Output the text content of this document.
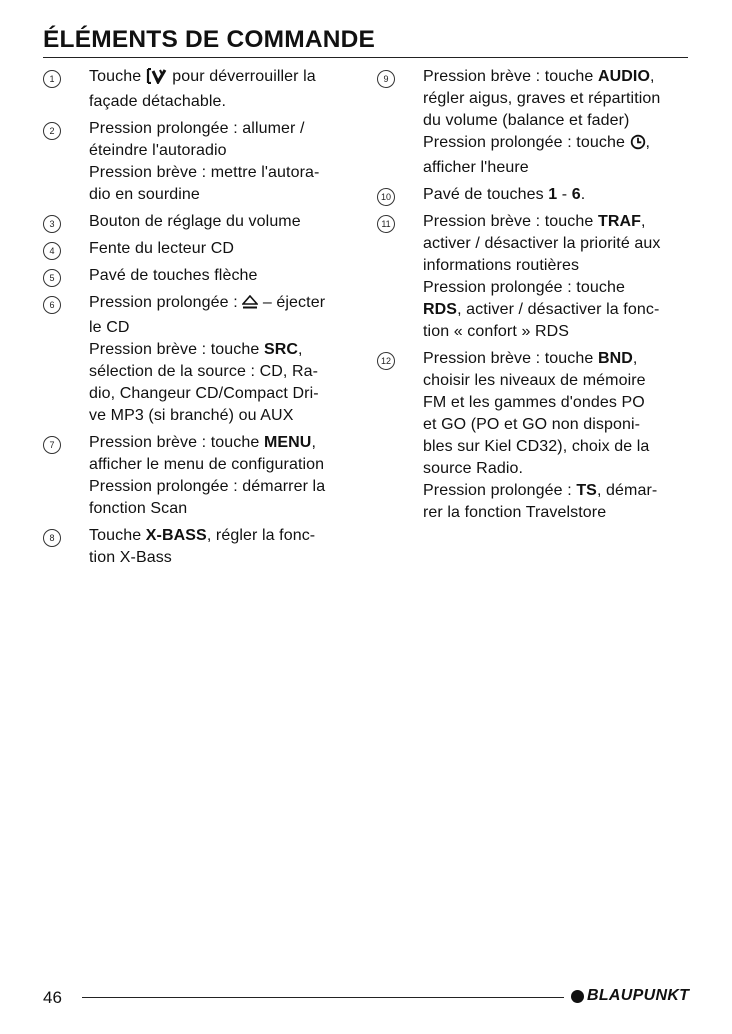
ÉLÉMENTS DE COMMANDE
1	Touche pour déverrouiller la
façade détachable.
2	Pression prolongée : allumer /
éteindre l'autoradio
Pression brève : mettre l'autora-
dio en sourdine
3	Bouton de réglage du volume
4	Fente du lecteur CD
5	Pavé de touches flèche
6	Pression prolongée : – éjecter
le CD
Pression brève : touche SRC,
sélection de la source : CD, Ra-
dio, Changeur CD/Compact Dri-
ve MP3 (si branché) ou AUX
7	Pression brève : touche MENU,
afficher le menu de configuration
Pression prolongée : démarrer la
fonction Scan
8	Touche X-BASS, régler la fonc-
tion X-Bass
9	Pression brève : touche AUDIO,
régler aigus, graves et répartition
du volume (balance et fader)
Pression prolongée : touche ,
afficher l'heure
10 Pavé de touches 1 - 6.
11 Pression brève : touche TRAF,
activer / désactiver la priorité aux
informations routières
Pression prolongée : touche
RDS, activer / désactiver la fonc-
tion « confort » RDS
12 Pression brève : touche BND,
choisir les niveaux de mémoire
FM et les gammes d'ondes PO
et GO (PO et GO non disponi-
bles sur Kiel CD32), choix de la
source Radio.
Pression prolongée : TS, démar-
rer la fonction Travelstore
46	BLAUPUNKT
